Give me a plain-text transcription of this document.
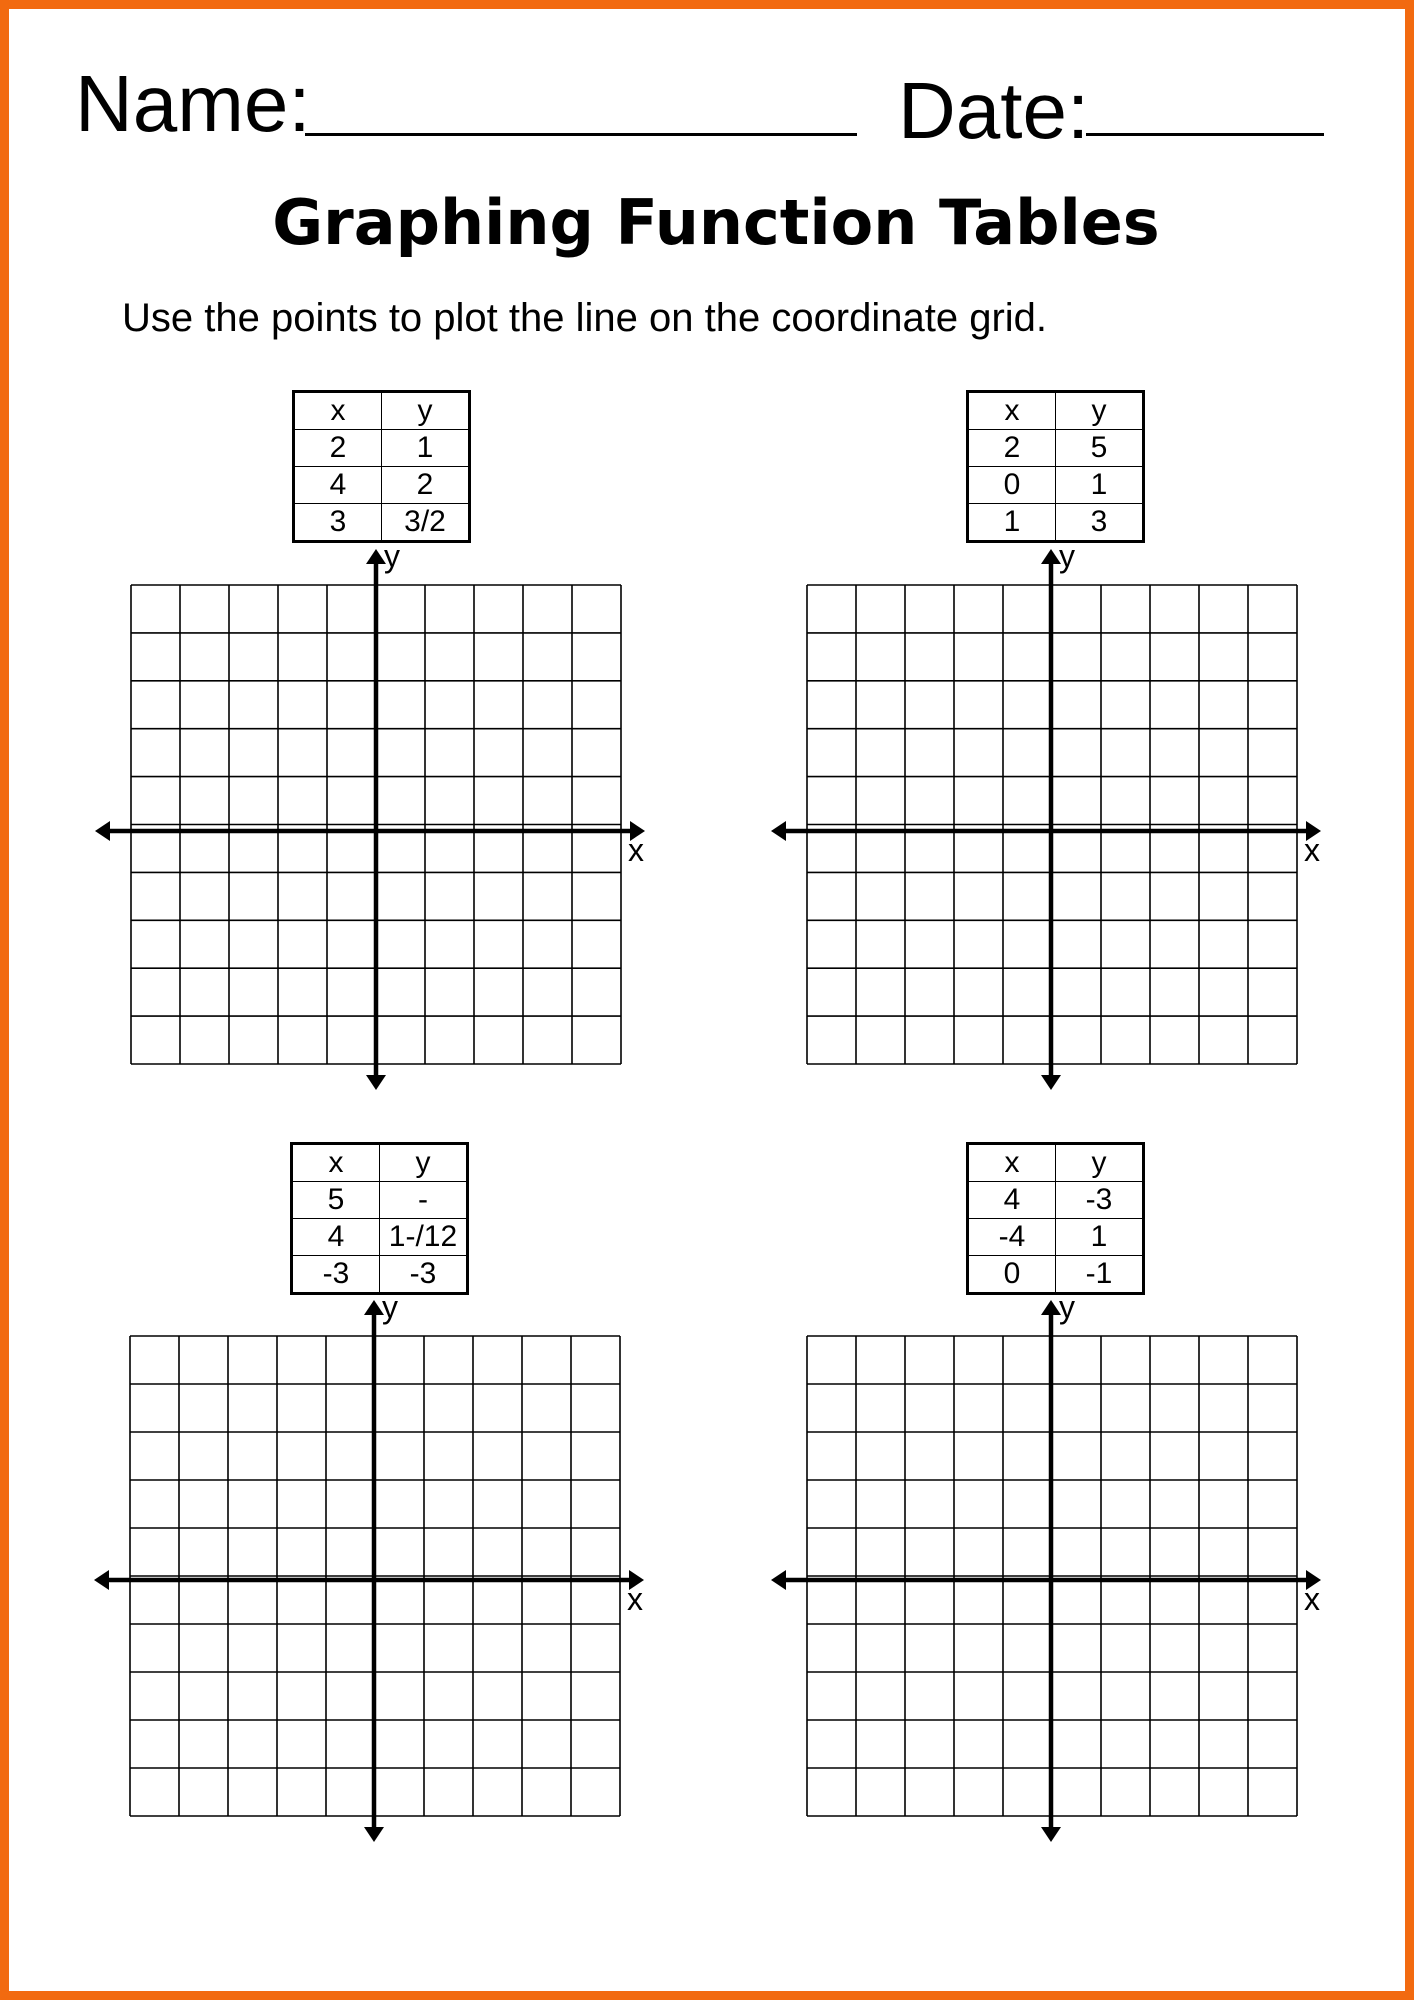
Name:	Date:
Graphing Function Tables
Use the points to plot the line on the coordinate grid.
x	y
2	1
4	2
3	3/2
x
y
x	y
2	5
0	1
1	3
x
y
x	y
5	-
4	1-/12
-3	-3
x
y
x	y
4	-3
-4	1
0	-1
x
y
